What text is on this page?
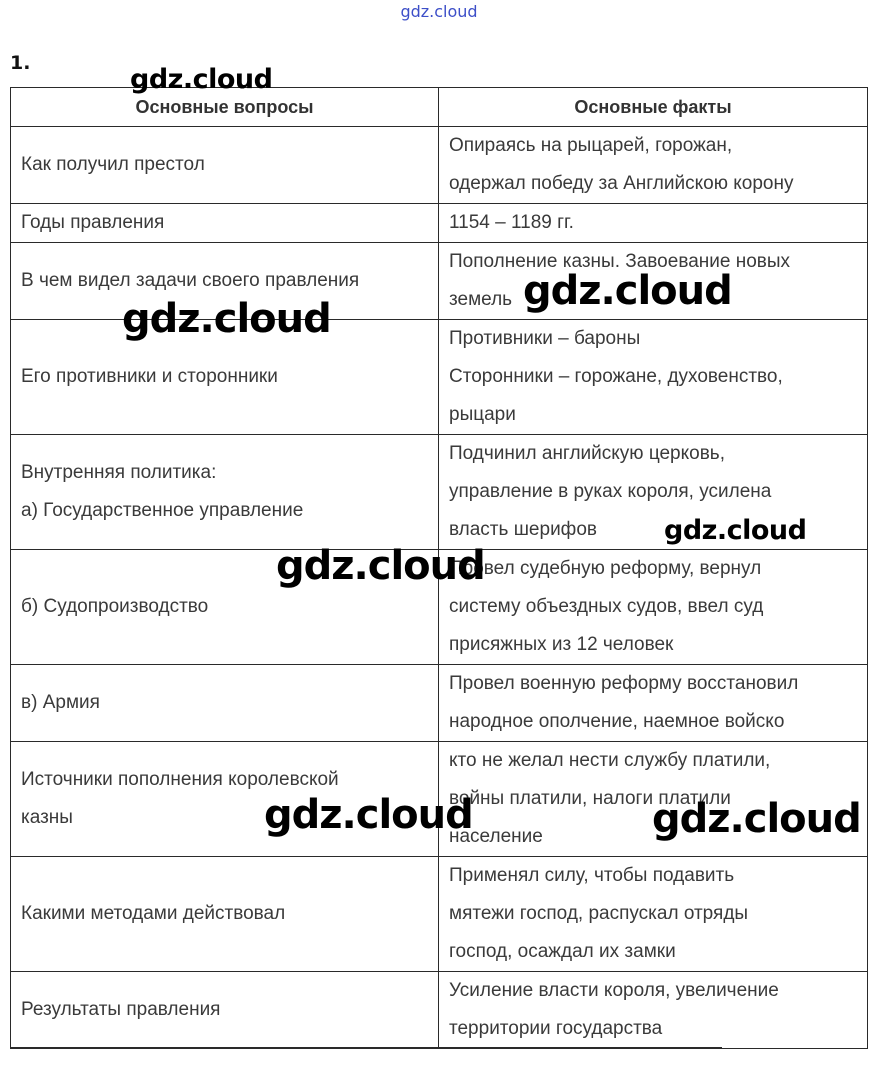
gdz.cloud
1.
Основные вопросы	Основные факты

Как получил престол	Опираясь на рыцарей, горожан,
одержал победу за Английскою корону

Годы правления	1154 – 1189 гг.

В чем видел задачи своего правления	Пополнение казны. Завоевание новых
земель

Его противники и сторонники	Противники – бароны
Сторонники – горожане, духовенство,
рыцари

Внутренняя политика:
а) Государственное управление	Подчинил английскую церковь,
управление в руках короля, усилена
власть шерифов

б) Судопроизводство	Провел судебную реформу, вернул
систему объездных судов, ввел суд
присяжных из 12 человек

в) Армия	Провел военную реформу восстановил
народное ополчение, наемное войско

Источники пополнения королевской
казны	кто не желал нести службу платили,
войны платили, налоги платили
население

Какими методами действовал	Применял силу, чтобы подавить
мятежи господ, распускал отряды
господ, осаждал их замки

Результаты правления	Усиление власти короля, увеличение
территории государства
gdz.cloud
gdz.cloud
gdz.cloud
gdz.cloud
gdz.cloud
gdz.cloud	gdz.cloud
